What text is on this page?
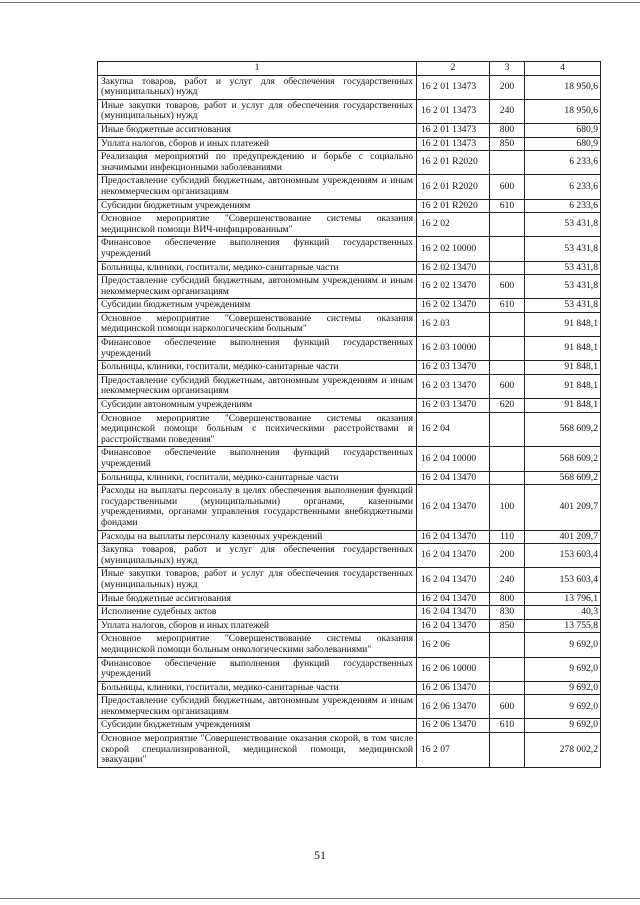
1	2	3	4
Закупка товаров, работ и услуг для обеспечения государственных (муниципальных) нужд	16 2 01 13473	200	18 950,6
Иные закупки товаров, работ и услуг для обеспечения государственных (муниципальных) нужд	16 2 01 13473	240	18 950,6
Иные бюджетные ассигнования	16 2 01 13473	800	680,9
Уплата налогов, сборов и иных платежей	16 2 01 13473	850	680,9
Реализация мероприятий по предупреждению и борьбе с социально значимыми инфекционными заболеваниями	16 2 01 R2020		6 233,6
Предоставление субсидий бюджетным, автономным учреждениям и иным некоммерческим организациям	16 2 01 R2020	600	6 233,6
Субсидии бюджетным учреждениям	16 2 01 R2020	610	6 233,6
Основное мероприятие "Совершенствование системы оказания медицинской помощи ВИЧ-инфицированным"	16 2 02		53 431,8
Финансовое обеспечение выполнения функций государственных учреждений	16 2 02 10000		53 431,8
Больницы, клиники, госпитали, медико-санитарные части	16 2 02 13470		53 431,8
Предоставление субсидий бюджетным, автономным учреждениям и иным некоммерческим организациям	16 2 02 13470	600	53 431,8
Субсидии бюджетным учреждениям	16 2 02 13470	610	53 431,8
Основное мероприятие "Совершенствование системы оказания медицинской помощи наркологическим больным"	16 2 03		91 848,1
Финансовое обеспечение выполнения функций государственных учреждений	16 2 03 10000		91 848,1
Больницы, клиники, госпитали, медико-санитарные части	16 2 03 13470		91 848,1
Предоставление субсидий бюджетным, автономным учреждениям и иным некоммерческим организациям	16 2 03 13470	600	91 848,1
Субсидии автономным учреждениям	16 2 03 13470	620	91 848,1
Основное мероприятие "Совершенствование системы оказания медицинской помощи больным с психическими расстройствами и расстройствами поведения"	16 2 04		568 609,2
Финансовое обеспечение выполнения функций государственных учреждений	16 2 04 10000		568 609,2
Больницы, клиники, госпитали, медико-санитарные части	16 2 04 13470		568 609,2
Расходы на выплаты персоналу в целях обеспечения выполнения функций государственными (муниципальными) органами, казенными учреждениями, органами управления государственными внебюджетными фондами	16 2 04 13470	100	401 209,7
Расходы на выплаты персоналу казенных учреждений	16 2 04 13470	110	401 209,7
Закупка товаров, работ и услуг для обеспечения государственных (муниципальных) нужд	16 2 04 13470	200	153 603,4
Иные закупки товаров, работ и услуг для обеспечения государственных (муниципальных) нужд	16 2 04 13470	240	153 603,4
Иные бюджетные ассигнования	16 2 04 13470	800	13 796,1
Исполнение судебных актов	16 2 04 13470	830	40,3
Уплата налогов, сборов и иных платежей	16 2 04 13470	850	13 755,8
Основное мероприятие "Совершенствование системы оказания медицинской помощи больным онкологическими заболеваниями"	16 2 06		9 692,0
Финансовое обеспечение выполнения функций государственных учреждений	16 2 06 10000		9 692,0
Больницы, клиники, госпитали, медико-санитарные части	16 2 06 13470		9 692,0
Предоставление субсидий бюджетным, автономным учреждениям и иным некоммерческим организациям	16 2 06 13470	600	9 692,0
Субсидии бюджетным учреждениям	16 2 06 13470	610	9 692,0
Основное мероприятие "Совершенствование оказания скорой, в том числе скорой специализированной, медицинской помощи, медицинской эвакуации"	16 2 07		278 002,2
51
